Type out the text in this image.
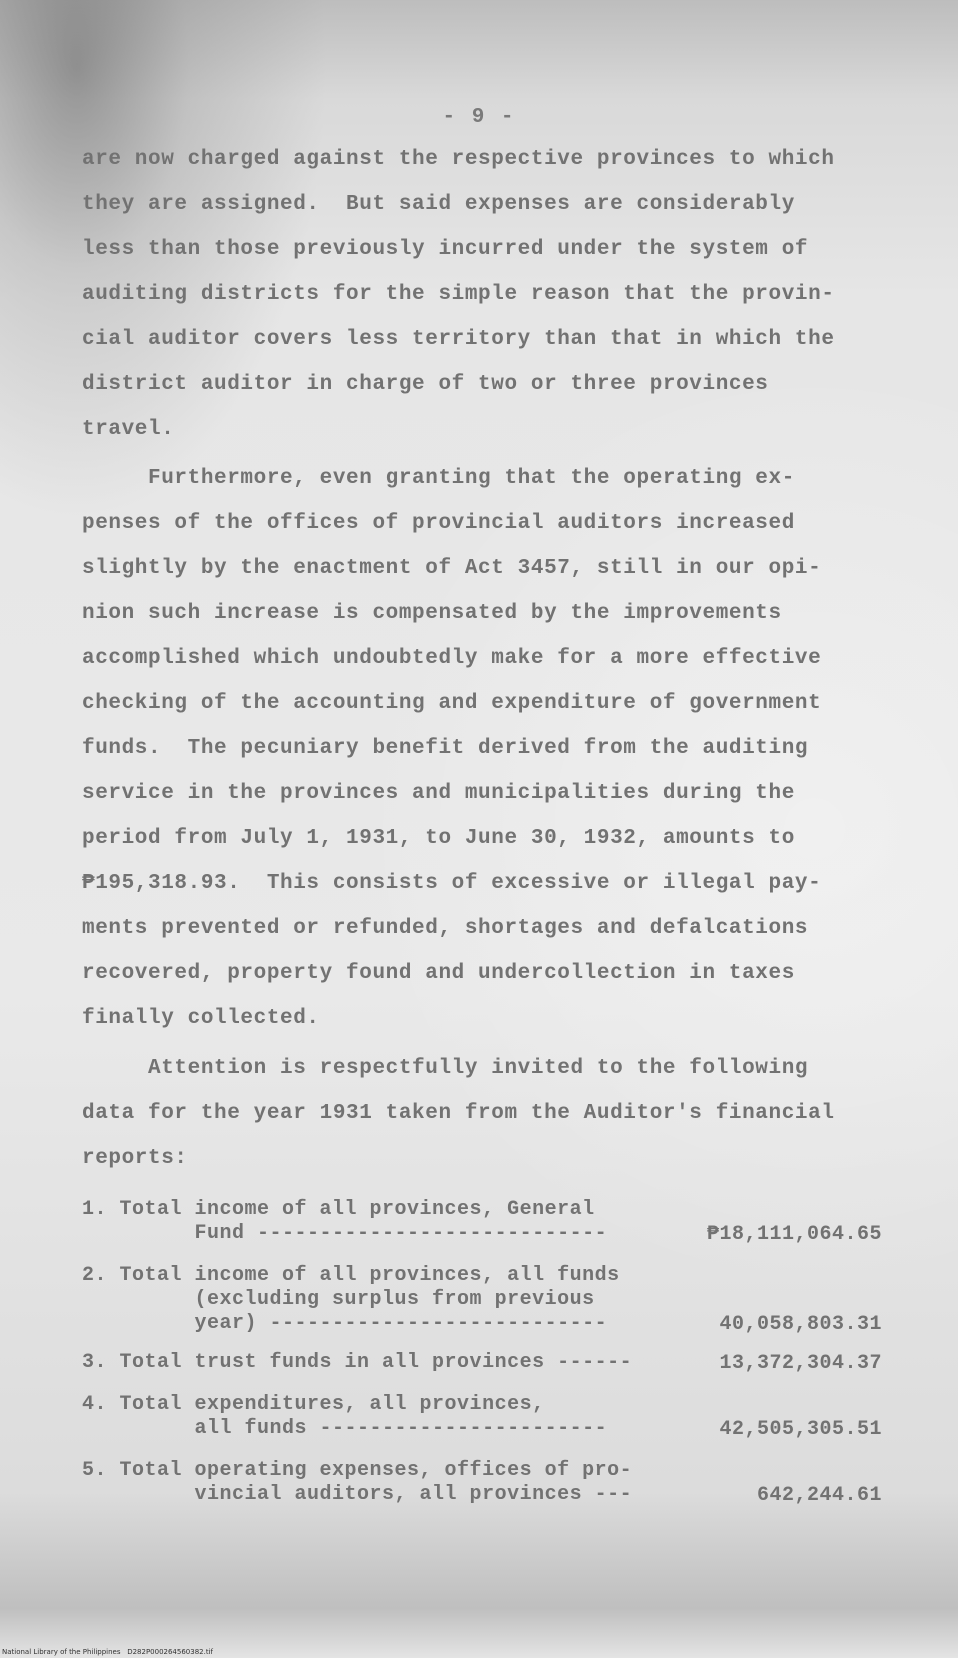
- 9 -

are now charged against the respective provinces to which

they are assigned.  But said expenses are considerably

less than those previously incurred under the system of

auditing districts for the simple reason that the provin-

cial auditor covers less territory than that in which the

district auditor in charge of two or three provinces

travel.

Furthermore, even granting that the operating ex-

penses of the offices of provincial auditors increased

slightly by the enactment of Act 3457, still in our opi-

nion such increase is compensated by the improvements

accomplished which undoubtedly make for a more effective

checking of the accounting and expenditure of government

funds.  The pecuniary benefit derived from the auditing

service in the provinces and municipalities during the

period from July 1, 1931, to June 30, 1932, amounts to

₱195,318.93.  This consists of excessive or illegal pay-

ments prevented or refunded, shortages and defalcations

recovered, property found and undercollection in taxes

finally collected.

Attention is respectfully invited to the following

data for the year 1931 taken from the Auditor's financial

reports:

1. Total income of all provinces, General
Fund ----------------------------	₱18,111,064.65
2. Total income of all provinces, all funds
(excluding surplus from previous
year) ---------------------------	40,058,803.31
3. Total trust funds in all provinces ------	13,372,304.37
4. Total expenditures, all provinces,
all funds -----------------------	42,505,305.51
5. Total operating expenses, offices of pro-
vincial auditors, all provinces ---	642,244.61
National Library of the Philippines D282P000264560382.tif
